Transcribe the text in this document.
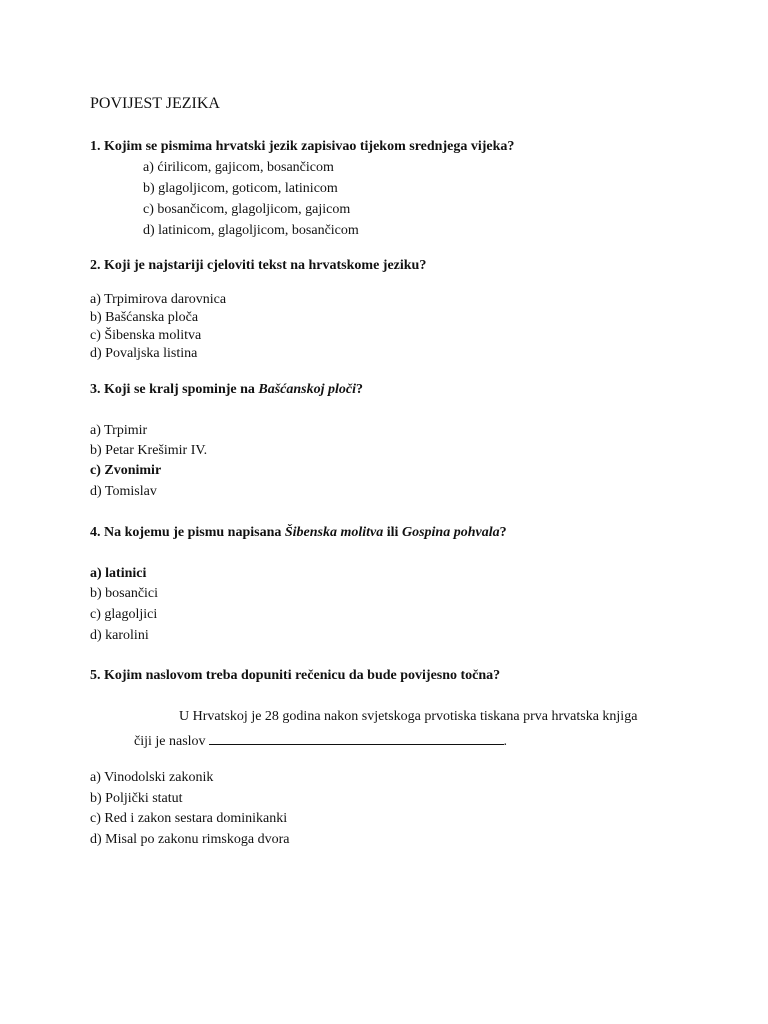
POVIJEST JEZIKA
1. Kojim se pismima hrvatski jezik zapisivao tijekom srednjega vijeka?
a) ćirilicom, gajicom, bosančicom
b) glagoljicom, goticom, latinicom
c) bosančicom, glagoljicom, gajicom
d) latinicom, glagoljicom, bosančicom
2. Koji je najstariji cjeloviti tekst na hrvatskome jeziku?
a) Trpimirova darovnica
b) Bašćanska ploča
c) Šibenska molitva
d) Povaljska listina
3. Koji se kralj spominje na Bašćanskoj ploči?
a) Trpimir
b) Petar Krešimir IV.
c) Zvonimir
d) Tomislav
4. Na kojemu je pismu napisana Šibenska molitva ili Gospina pohvala?
a) latinici
b) bosančici
c) glagoljici
d) karolini
5. Kojim naslovom treba dopuniti rečenicu da bude povijesno točna?
U Hrvatskoj je 28 godina nakon svjetskoga prvotiska tiskana prva hrvatska knjiga
čiji je naslov	.
a) Vinodolski zakonik
b) Poljički statut
c) Red i zakon sestara dominikanki
d) Misal po zakonu rimskoga dvora
